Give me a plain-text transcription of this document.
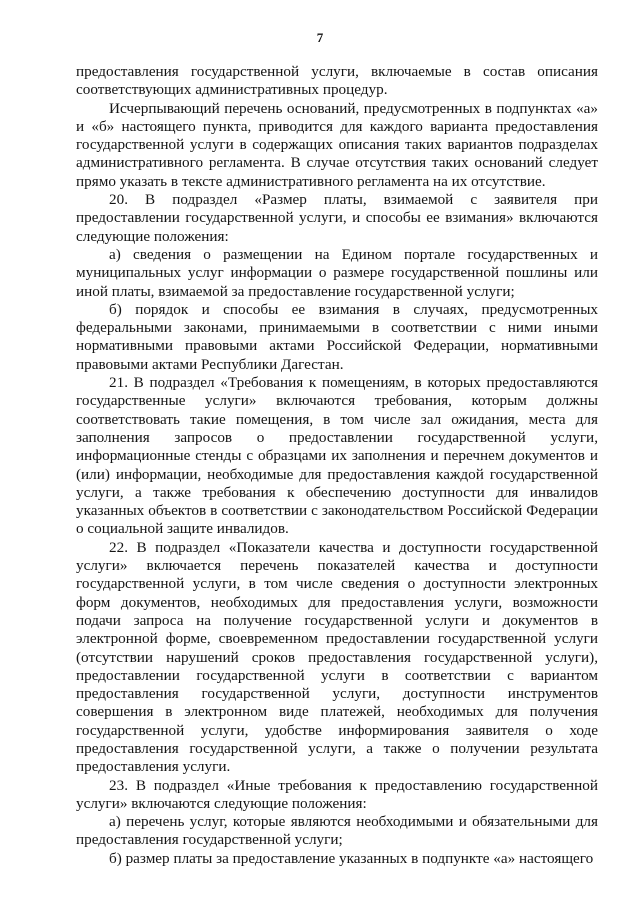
7

предоставления государственной услуги, включаемые в состав описания соответствующих административных процедур.

Исчерпывающий перечень оснований, предусмотренных в подпунктах «а» и «б» настоящего пункта, приводится для каждого варианта предоставления государственной услуги в содержащих описания таких вариантов подразделах административного регламента. В случае отсутствия таких оснований следует прямо указать в тексте административного регламента на их отсутствие.

20. В подраздел «Размер платы, взимаемой с заявителя при предоставлении государственной услуги, и способы ее взимания» включаются следующие положения:

а) сведения о размещении на Едином портале государственных и муниципальных услуг информации о размере государственной пошлины или иной платы, взимаемой за предоставление государственной услуги;

б) порядок и способы ее взимания в случаях, предусмотренных федеральными законами, принимаемыми в соответствии с ними иными нормативными правовыми актами Российской Федерации, нормативными правовыми актами Республики Дагестан.

21. В подраздел «Требования к помещениям, в которых предоставляются государственные услуги» включаются требования, которым должны соответствовать такие помещения, в том числе зал ожидания, места для заполнения запросов о предоставлении государственной услуги, информационные стенды с образцами их заполнения и перечнем документов и (или) информации, необходимые для предоставления каждой государственной услуги, а также требования к обеспечению доступности для инвалидов указанных объектов в соответствии с законодательством Российской Федерации о социальной защите инвалидов.

22. В подраздел «Показатели качества и доступности государственной услуги» включается перечень показателей качества и доступности государственной услуги, в том числе сведения о доступности электронных форм документов, необходимых для предоставления услуги, возможности подачи запроса на получение государственной услуги и документов в электронной форме, своевременном предоставлении государственной услуги (отсутствии нарушений сроков предоставления государственной услуги), предоставлении государственной услуги в соответствии с вариантом предоставления государственной услуги, доступности инструментов совершения в электронном виде платежей, необходимых для получения государственной услуги, удобстве информирования заявителя о ходе предоставления государственной услуги, а также о получении результата предоставления услуги.

23. В подраздел «Иные требования к предоставлению государственной услуги» включаются следующие положения:

а) перечень услуг, которые являются необходимыми и обязательными для предоставления государственной услуги;

б) размер платы за предоставление указанных в подпункте «а» настоящего
